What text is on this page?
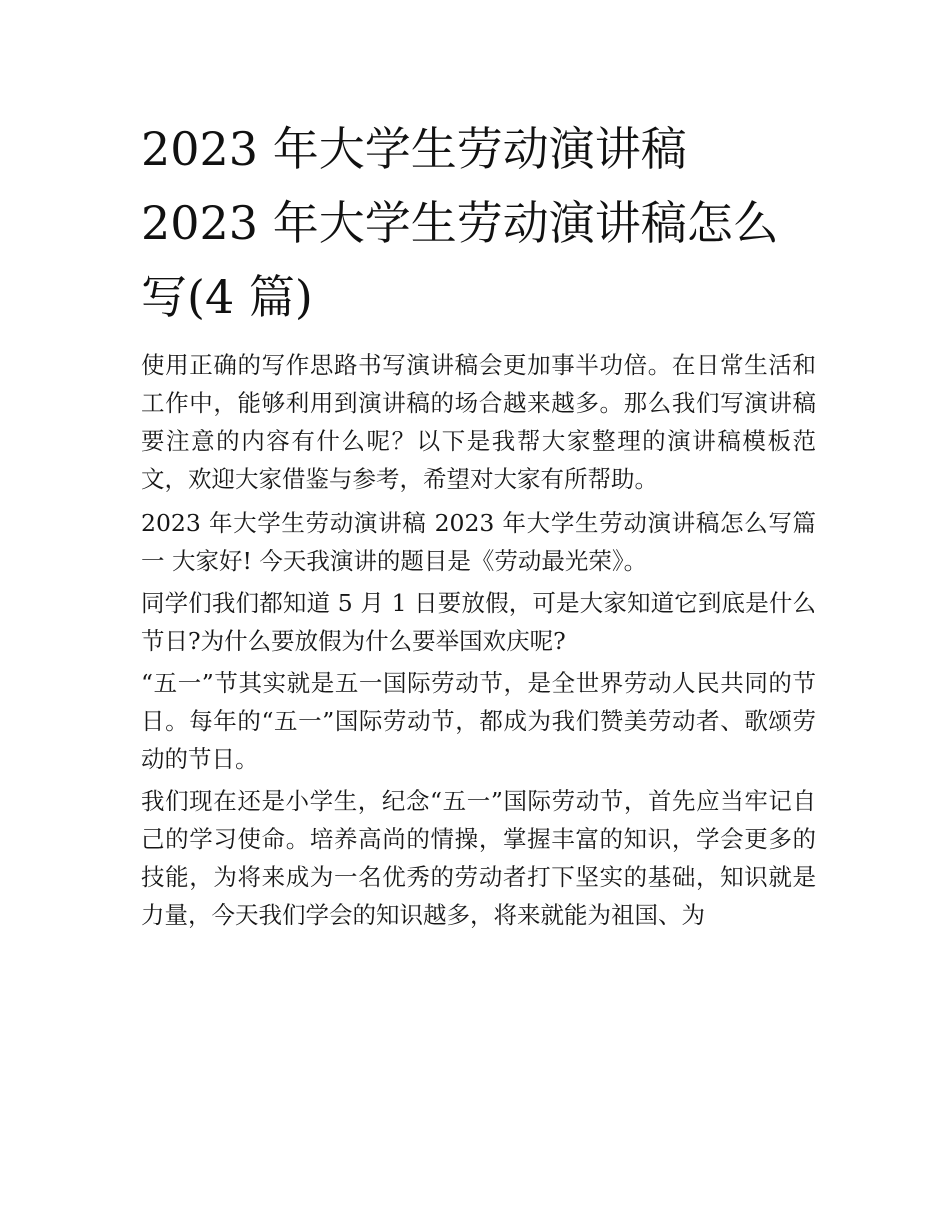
2023 年大学生劳动演讲稿
2023 年大学生劳动演讲稿怎么
写(4 篇)

使用正确的写作思路书写演讲稿会更加事半功倍。在日常生活和工作中，能够利用到演讲稿的场合越来越多。那么我们写演讲稿要注意的内容有什么呢？以下是我帮大家整理的演讲稿模板范文，欢迎大家借鉴与参考，希望对大家有所帮助。

2023 年大学生劳动演讲稿 2023 年大学生劳动演讲稿怎么写篇一 大家好! 今天我演讲的题目是《劳动最光荣》。

同学们我们都知道 5 月 1 日要放假，可是大家知道它到底是什么节日?为什么要放假为什么要举国欢庆呢?

“五一”节其实就是五一国际劳动节，是全世界劳动人民共同的节日。每年的“五一”国际劳动节，都成为我们赞美劳动者、歌颂劳动的节日。

我们现在还是小学生，纪念“五一”国际劳动节，首先应当牢记自己的学习使命。培养高尚的情操，掌握丰富的知识，学会更多的技能，为将来成为一名优秀的劳动者打下坚实的基础，知识就是力量，今天我们学会的知识越多，将来就能为祖国、为
